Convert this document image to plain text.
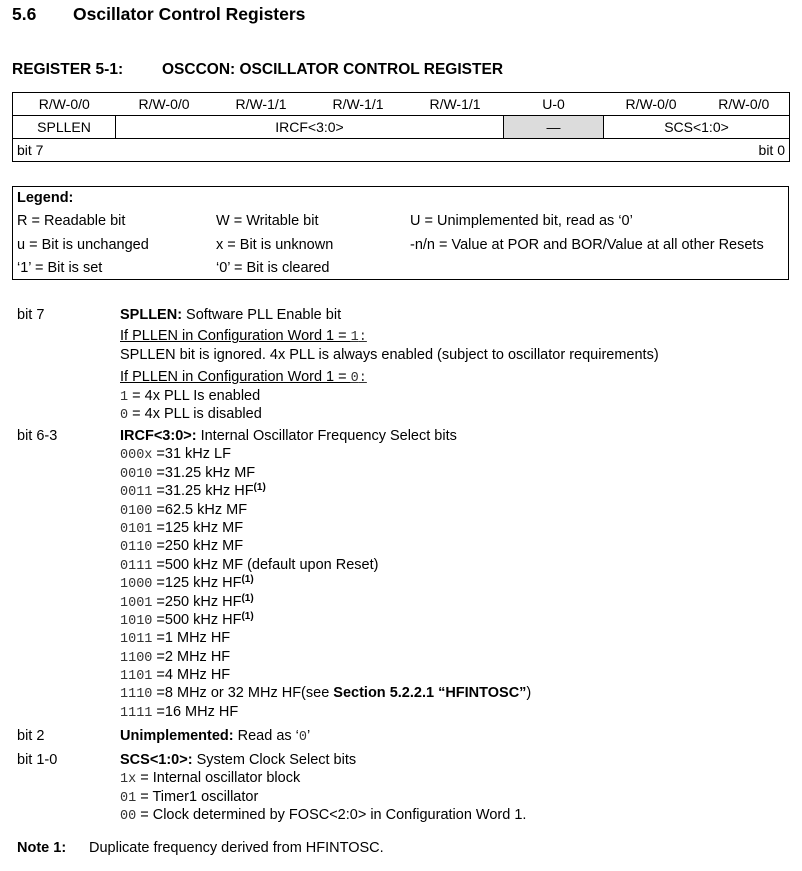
5.6 Oscillator Control Registers
REGISTER 5-1:	OSCCON: OSCILLATOR CONTROL REGISTER
R/W-0/0	R/W-0/0	R/W-1/1	R/W-1/1	R/W-1/1	U-0	R/W-0/0	R/W-0/0
SPLLEN	IRCF<3:0>				—	SCS<1:0>	
bit 7 bit 0							
Legend:
R = Readable bit	W = Writable bit	U = Unimplemented bit, read as ‘0’
u = Bit is unchanged	x = Bit is unknown	-n/n = Value at POR and BOR/Value at all other Resets
‘1’ = Bit is set	‘0’ = Bit is cleared
bit 7	SPLLEN: Software PLL Enable bit
If PLLEN in Configuration Word 1 = 1:
SPLLEN bit is ignored. 4x PLL is always enabled (subject to oscillator requirements)
If PLLEN in Configuration Word 1 = 0:
1 = 4x PLL Is enabled
0 = 4x PLL is disabled
bit 6-3	IRCF<3:0>: Internal Oscillator Frequency Select bits
000x =31 kHz LF
0010 =31.25 kHz MF
0011 =31.25 kHz HF$^{(1)}$
0100 =62.5 kHz MF
0101 =125 kHz MF
0110 =250 kHz MF
0111 =500 kHz MF (default upon Reset)
1000 =125 kHz HF$^{(1)}$
1001 =250 kHz HF$^{(1)}$
1010 =500 kHz HF$^{(1)}$
1011 =1 MHz HF
1100 =2 MHz HF
1101 =4 MHz HF
1110 =8 MHz or 32 MHz HF(see Section 5.2.2.1 “HFINTOSC”)
1111 =16 MHz HF
bit 2	Unimplemented: Read as ‘0’
bit 1-0	SCS<1:0>: System Clock Select bits
1x = Internal oscillator block
01 = Timer1 oscillator
00 = Clock determined by FOSC<2:0> in Configuration Word 1.
Note 1: Duplicate frequency derived from HFINTOSC.
